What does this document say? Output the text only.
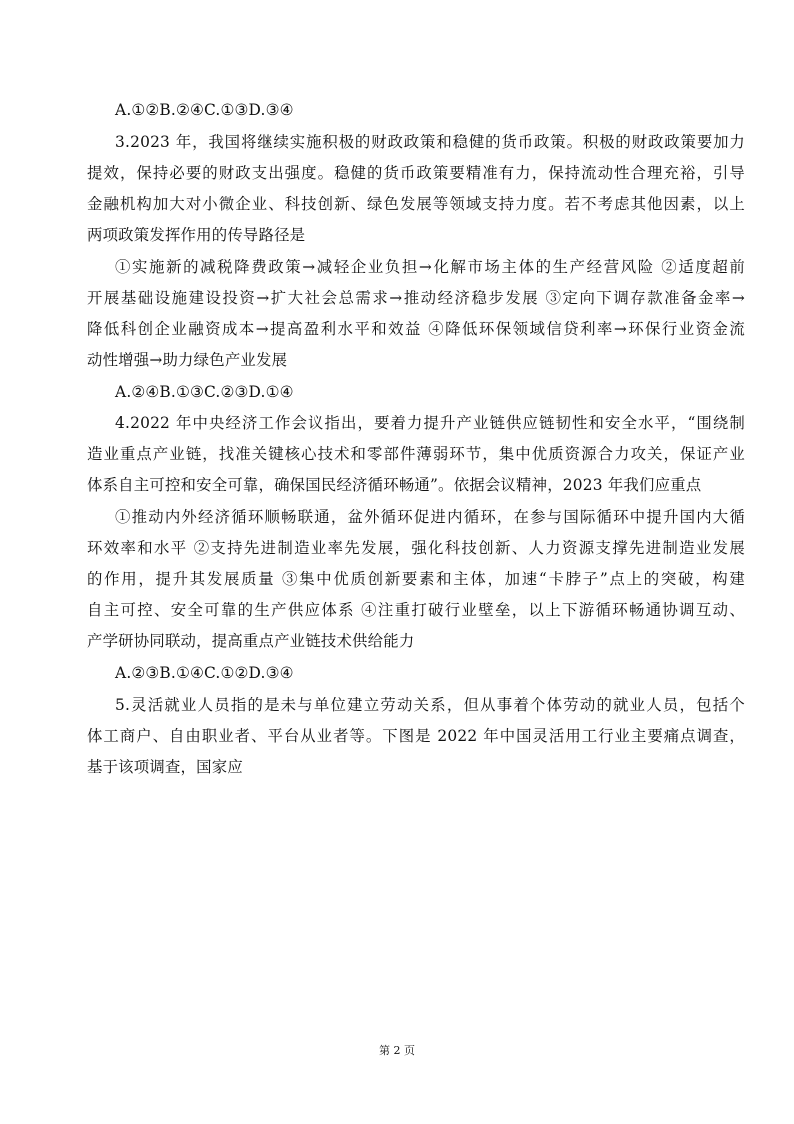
A.①②B.②④C.①③D.③④
3.2023 年，我国将继续实施积极的财政政策和稳健的货币政策。积极的财政政策要加力
提效，保持必要的财政支出强度。稳健的货币政策要精准有力，保持流动性合理充裕，引导
金融机构加大对小微企业、科技创新、绿色发展等领域支持力度。若不考虑其他因素，以上
两项政策发挥作用的传导路径是
①实施新的减税降费政策→减轻企业负担→化解市场主体的生产经营风险 ②适度超前
开展基础设施建设投资→扩大社会总需求→推动经济稳步发展 ③定向下调存款准备金率→
降低科创企业融资成本→提高盈利水平和效益 ④降低环保领域信贷利率→环保行业资金流
动性增强→助力绿色产业发展
A.②④B.①③C.②③D.①④
4.2022 年中央经济工作会议指出，要着力提升产业链供应链韧性和安全水平，“围绕制
造业重点产业链，找准关键核心技术和零部件薄弱环节，集中优质资源合力攻关，保证产业
体系自主可控和安全可靠，确保国民经济循环畅通”。依据会议精神，2023 年我们应重点
①推动内外经济循环顺畅联通，盆外循环促进内循环，在参与国际循环中提升国内大循
环效率和水平 ②支持先进制造业率先发展，强化科技创新、人力资源支撑先进制造业发展
的作用，提升其发展质量 ③集中优质创新要素和主体，加速“卡脖子”点上的突破，构建
自主可控、安全可靠的生产供应体系 ④注重打破行业壁垒，以上下游循环畅通协调互动、
产学研协同联动，提高重点产业链技术供给能力
A.②③B.①④C.①②D.③④
5.灵活就业人员指的是未与单位建立劳动关系，但从事着个体劳动的就业人员，包括个
体工商户、自由职业者、平台从业者等。下图是 2022 年中国灵活用工行业主要痛点调查，
基于该项调查，国家应
第 2 页
